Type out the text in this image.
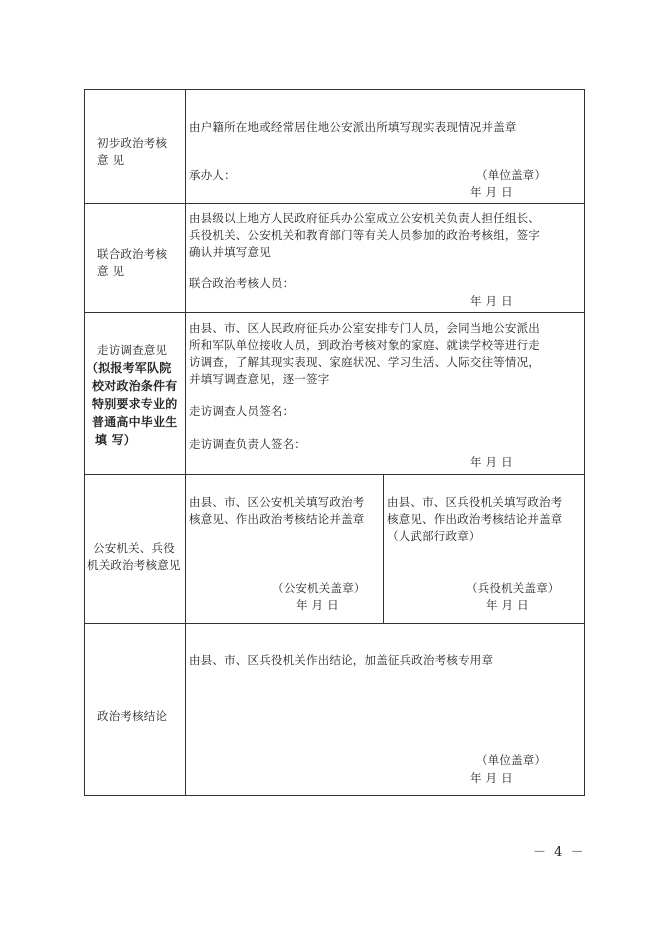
初步政治考核
意 见
由户籍所在地或经常居住地公安派出所填写现实表现情况并盖章
承办人：	（单位盖章）
年 月 日
联合政治考核
意 见
由县级以上地方人民政府征兵办公室成立公安机关负责人担任组长、
兵役机关、公安机关和教育部门等有关人员参加的政治考核组，签字
确认并填写意见
联合政治考核人员：
年 月 日
走访调查意见
（拟报考军队院
校对政治条件有
特别要求专业的
普通高中毕业生
填 写）
由县、市、区人民政府征兵办公室安排专门人员，会同当地公安派出
所和军队单位接收人员，到政治考核对象的家庭、就读学校等进行走
访调查，了解其现实表现、家庭状况、学习生活、人际交往等情况，
并填写调查意见，逐一签字
走访调查人员签名：
走访调查负责人签名：
年 月 日
公安机关、兵役
机关政治考核意见
由县、市、区公安机关填写政治考
核意见、作出政治考核结论并盖章
（公安机关盖章）
年 月 日
由县、市、区兵役机关填写政治考
核意见、作出政治考核结论并盖章
（人武部行政章）
（兵役机关盖章）
年 月 日
政治考核结论
由县、市、区兵役机关作出结论，加盖征兵政治考核专用章
（单位盖章）
年 月 日
－ 4 －
